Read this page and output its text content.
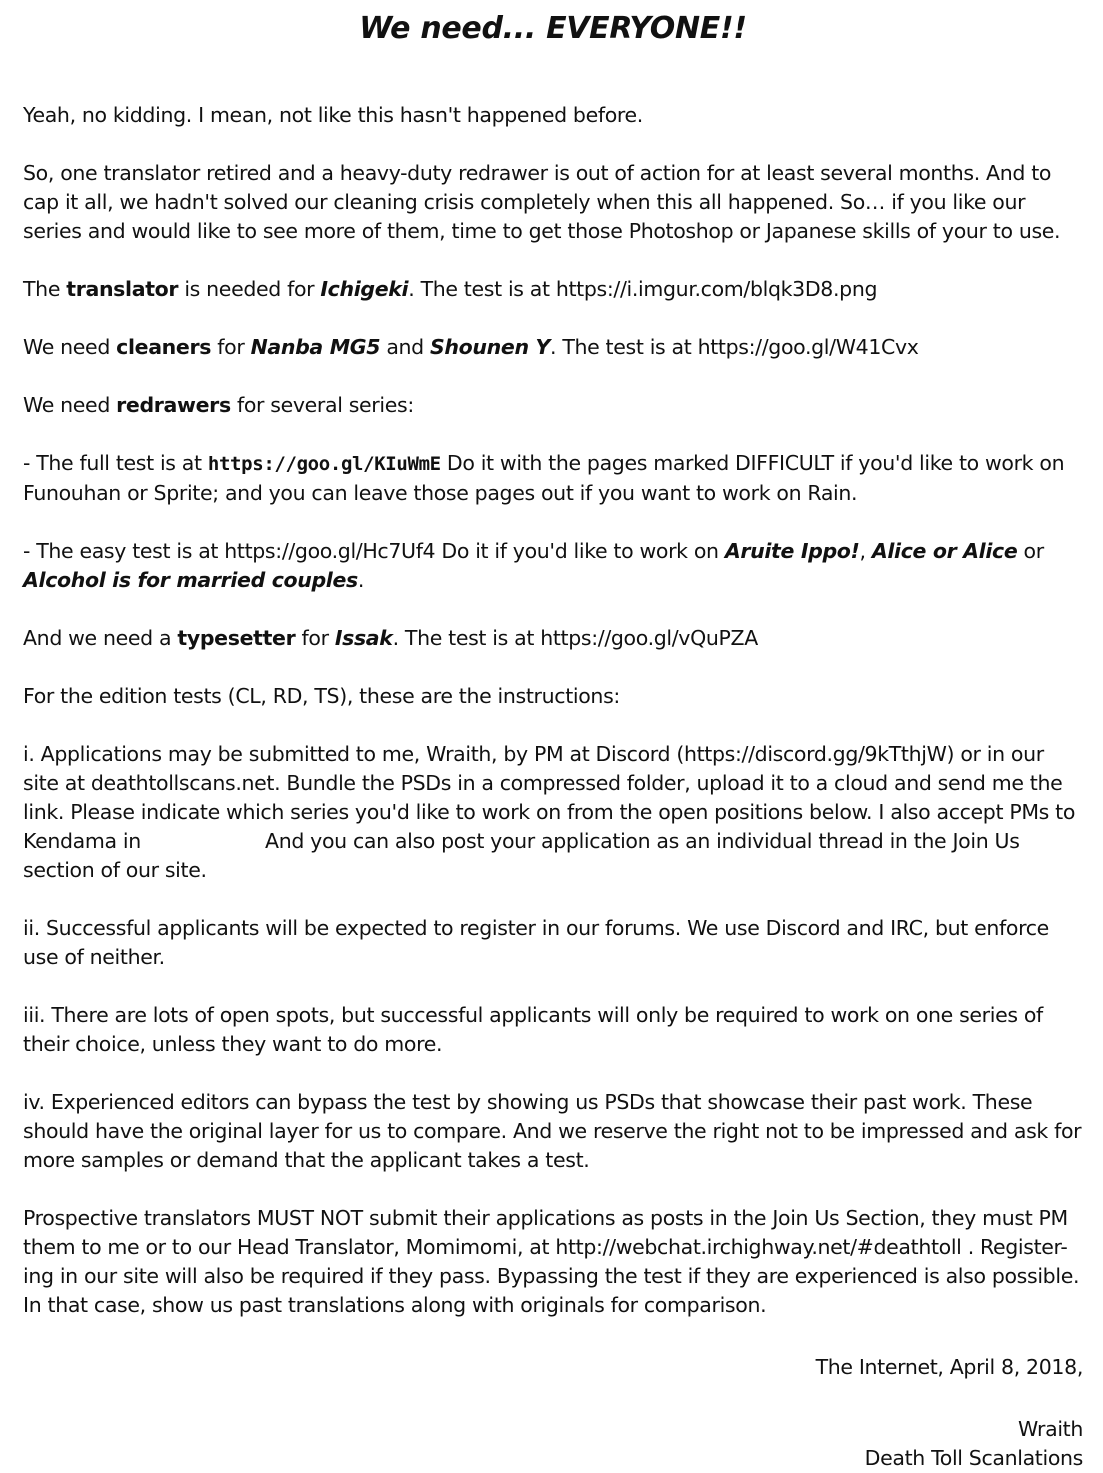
We need... EVERYONE!!

Yeah, no kidding. I mean, not like this hasn't happened before.

So, one translator retired and a heavy-duty redrawer is out of action for at least several months. And to cap it all, we hadn't solved our cleaning crisis completely when this all happened. So… if you like our series and would like to see more of them, time to get those Photoshop or Japanese skills of your to use.

The translator is needed for Ichigeki. The test is at https://i.imgur.com/blqk3D8.png

We need cleaners for Nanba MG5 and Shounen Y. The test is at https://goo.gl/W41Cvx

We need redrawers for several series:

- The full test is at https://goo.gl/KIuWmE Do it with the pages marked DIFFICULT if you'd like to work on Funouhan or Sprite; and you can leave those pages out if you want to work on Rain.

- The easy test is at https://goo.gl/Hc7Uf4 Do it if you'd like to work on Aruite Ippo!, Alice or Alice or Alcohol is for married couples.

And we need a typesetter for Issak. The test is at https://goo.gl/vQuPZA

For the edition tests (CL, RD, TS), these are the instructions:

i. Applications may be submitted to me, Wraith, by PM at Discord (https://discord.gg/9kTthjW) or in our site at deathtollscans.net. Bundle the PSDs in a compressed folder, upload it to a cloud and send me the link. Please indicate which series you'd like to work on from the open positions below. I also accept PMs to Kendama in	And you can also post your application as an individual thread in the Join Us section of our site.

ii. Successful applicants will be expected to register in our forums. We use Discord and IRC, but enforce use of neither.

iii. There are lots of open spots, but successful applicants will only be required to work on one series of their choice, unless they want to do more.

iv. Experienced editors can bypass the test by showing us PSDs that showcase their past work. These should have the original layer for us to compare. And we reserve the right not to be impressed and ask for more samples or demand that the applicant takes a test.

Prospective translators MUST NOT submit their applications as posts in the Join Us Section, they must PM them to me or to our Head Translator, Momimomi, at http://webchat.irchighway.net/#deathtoll . Register-ing in our site will also be required if they pass. Bypassing the test if they are experienced is also possible. In that case, show us past translations along with originals for comparison.

The Internet, April 8, 2018,

Wraith

Death Toll Scanlations
